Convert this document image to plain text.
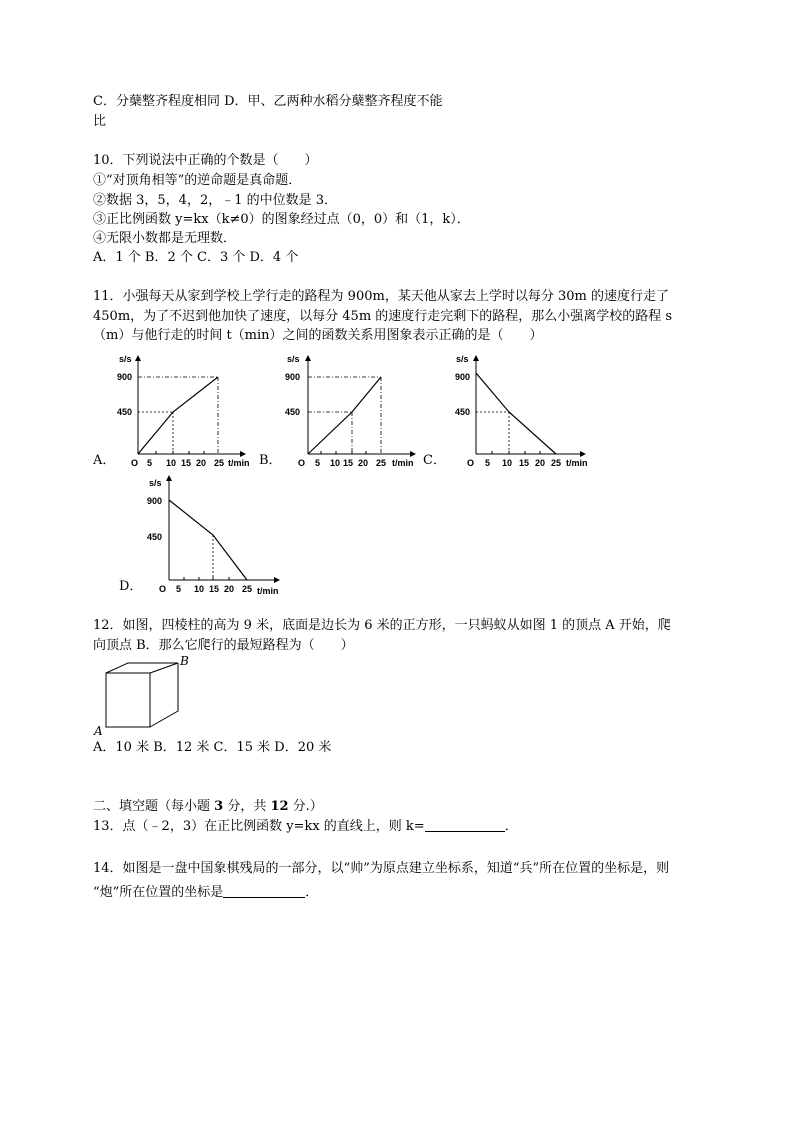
C．分蘖整齐程度相同 D．甲、乙两种水稻分蘖整齐程度不能
比
10．下列说法中正确的个数是（　　）
①“对顶角相等”的逆命题是真命题．
②数据 3，5，4，2，﹣1 的中位数是 3．
③正比例函数 y=kx（k≠0）的图象经过点（0，0）和（1，k）．
④无限小数都是无理数．
A．1 个 B．2 个 C．3 个 D．4 个
11．小强每天从家到学校上学行走的路程为 900m，某天他从家去上学时以每分 30m 的速度行走了
450m，为了不迟到他加快了速度，以每分 45m 的速度行走完剩下的路程，那么小强离学校的路程 s
（m）与他行走的时间 t（min）之间的函数关系用图象表示正确的是（　　）
A．
s/s
900
450
O 5 10 15 20 25 t/min B．
s/s
900
450
O 5 10 15 20 25 t/min C．
s/s
900
450
O 5 10 15 20 25 t/min
D．
s/s
900
450
O 5 10 15 20 25 t/min
12．如图，四棱柱的高为 9 米，底面是边长为 6 米的正方形，一只蚂蚁从如图 1 的顶点 A 开始，爬
向顶点 B．那么它爬行的最短路程为（　　）
A
B
A．10 米 B．12 米 C．15 米 D．20 米
二、填空题（每小题 3 分，共 12 分.）
13．点（﹣2，3）在正比例函数 y=kx 的直线上，则 k=	．
14．如图是一盘中国象棋残局的一部分，以“帅”为原点建立坐标系，知道“兵”所在位置的坐标是，则
“炮”所在位置的坐标是	．
